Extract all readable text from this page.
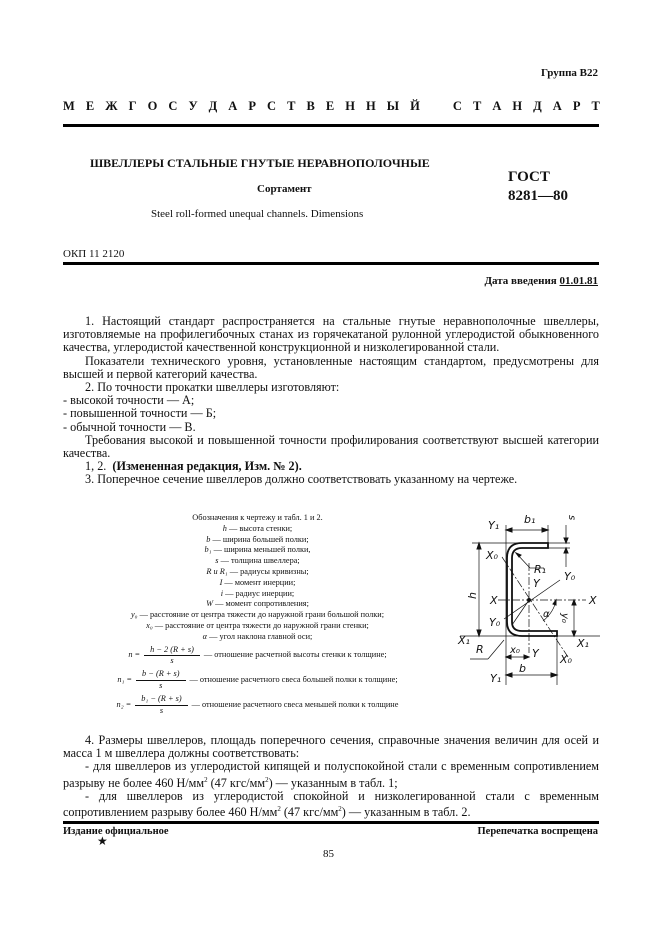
Группа В22
М Е Ж Г О С У Д А Р С Т В Е Н Н Ы Й	С Т А Н Д А Р Т
ШВЕЛЛЕРЫ СТАЛЬНЫЕ ГНУТЫЕ НЕРАВНОПОЛОЧНЫЕ
Сортамент
Steel roll-formed unequal channels. Dimensions
ГОСТ
8281—80
ОКП 11 2120
Дата введения 01.01.81

1. Настоящий стандарт распространяется на стальные гнутые неравнополочные швеллеры, изготовляемые на профилегибочных станах из горячекатаной рулонной углеродистой обыкновенного качества, углеродистой качественной конструкционной и низколегированной стали.

Показатели технического уровня, установленные настоящим стандартом, предусмотрены для высшей и первой категорий качества.

2. По точности прокатки швеллеры изготовляют:

- высокой точности — А;

- повышенной точности — Б;

- обычной точности — В.

Требования высокой и повышенной точности профилирования соответствуют высшей категории качества.

1, 2. (Измененная редакция, Изм. № 2).

3. Поперечное сечение швеллеров должно соответствовать указанному на чертеже.

Обозначения к чертежу и табл. 1 и 2.

h — высота стенки;

b — ширина большей полки;

b₁ — ширина меньшей полки,

s — толщина швеллера;

R и R₁ — радиусы кривизны;

I — момент инерции;

i — радиус инерции;

W — момент сопротивления;

y₀ — расстояние от центра тяжести до наружной грани большой полки;

x₀ — расстояние от центра тяжести до наружной грани стенки;

α — угол наклона главной оси;

$n = \frac{h - 2 (R + s)}{s}$ — отношение расчетной высоты стенки к толщине;
$n_1 = \frac{b - (R + s)}{s}$ — отношение расчетного свеса большей полки к толщине;
$n_2 = \frac{\text{b₁ − (R + s)}}{s}$ — отношение расчетного свеса меньшей полки к толщине
Y₁ b₁	s
X₀
R₁
Y
Y₀
h X	X
α
Y₀	y₀
X₁	X₁
R	x₀ Y X₀
b
Y₁

4. Размеры швеллеров, площадь поперечного сечения, справочные значения величин для осей и масса 1 м швеллера должны соответствовать:

- для швеллеров из углеродистой кипящей и полуспокойной стали с временным сопротивлением разрыву не более 460 $Н/мм^2$ (47 кгс/$мм^2$) — указанным в табл. 1;

- для швеллеров из углеродистой спокойной и низколегированной стали с временным сопротивлением разрыву более 460 $Н/мм^2$ (47 кгс/$мм^2$) — указанным в табл. 2.

Издание официальное	Перепечатка воспрещена
★
85
